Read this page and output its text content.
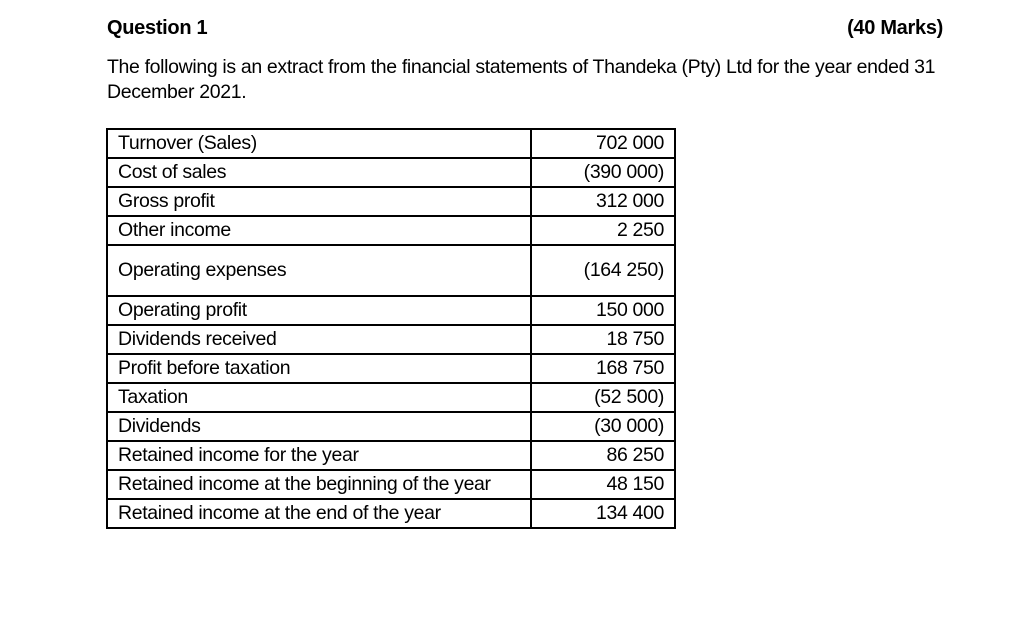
Question 1	(40 Marks)
The following is an extract from the financial statements of Thandeka (Pty) Ltd for the year ended 31 December 2021.
Turnover (Sales)	702 000
Cost of sales	(390 000)
Gross profit	312 000
Other income	2 250
Operating expenses	(164 250)
Operating profit	150 000
Dividends received	18 750
Profit before taxation	168 750
Taxation	(52 500)
Dividends	(30 000)
Retained income for the year	86 250
Retained income at the beginning of the year	48 150
Retained income at the end of the year	134 400
